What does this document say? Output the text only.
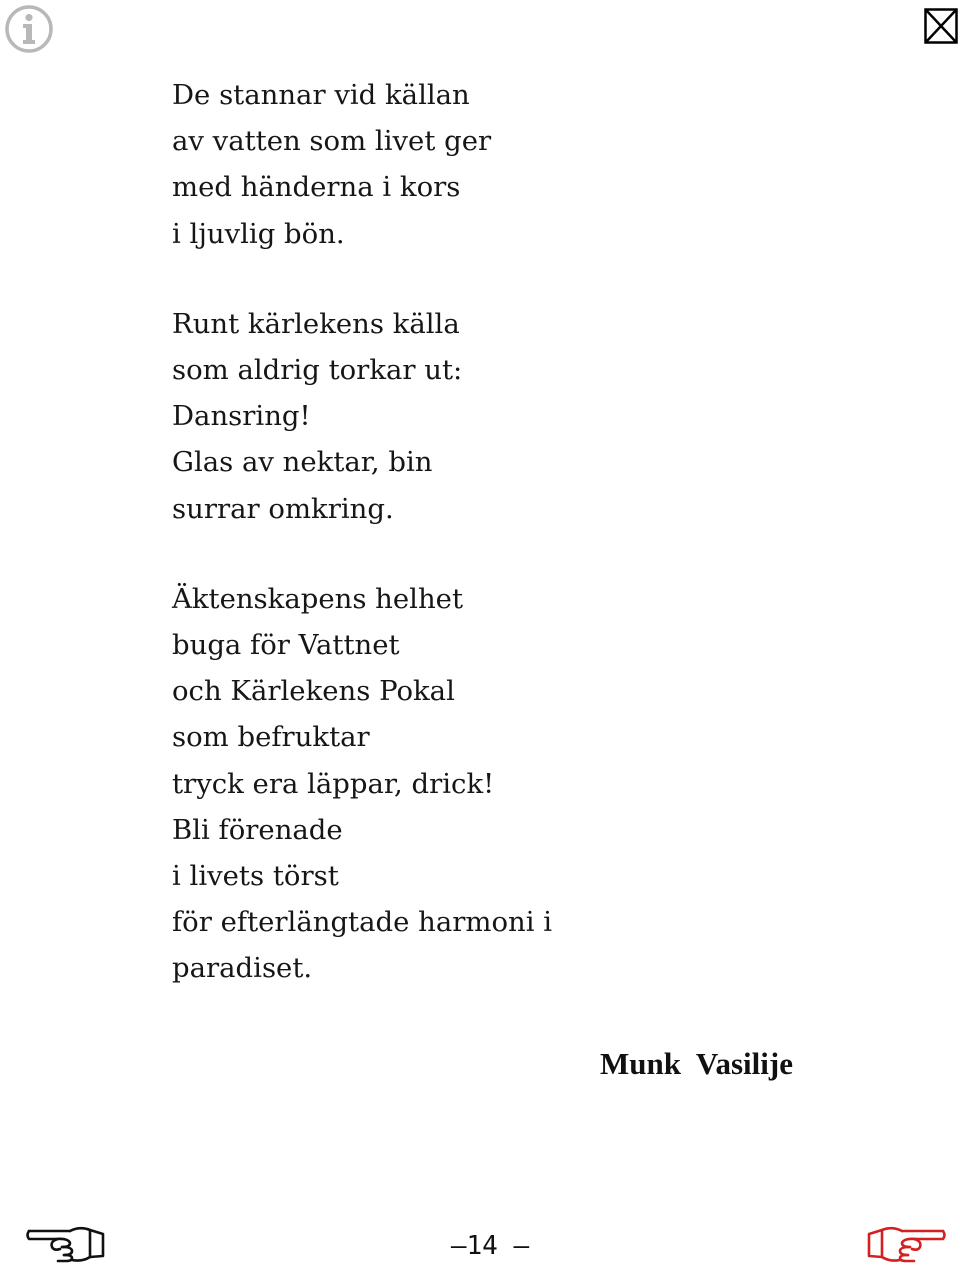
De stannar vid källan
av vatten som livet ger
med händerna i kors
i ljuvlig bön.
Runt kärlekens källa
som aldrig torkar ut:
Dansring!
Glas av nektar, bin
surrar omkring.
Äktenskapens helhet
buga för Vattnet
och Kärlekens Pokal
som befruktar
tryck era läppar, drick!
Bli förenade
i livets törst
för efterlängtade harmoni i
paradiset.
Munk  Vasilije
–14 –
